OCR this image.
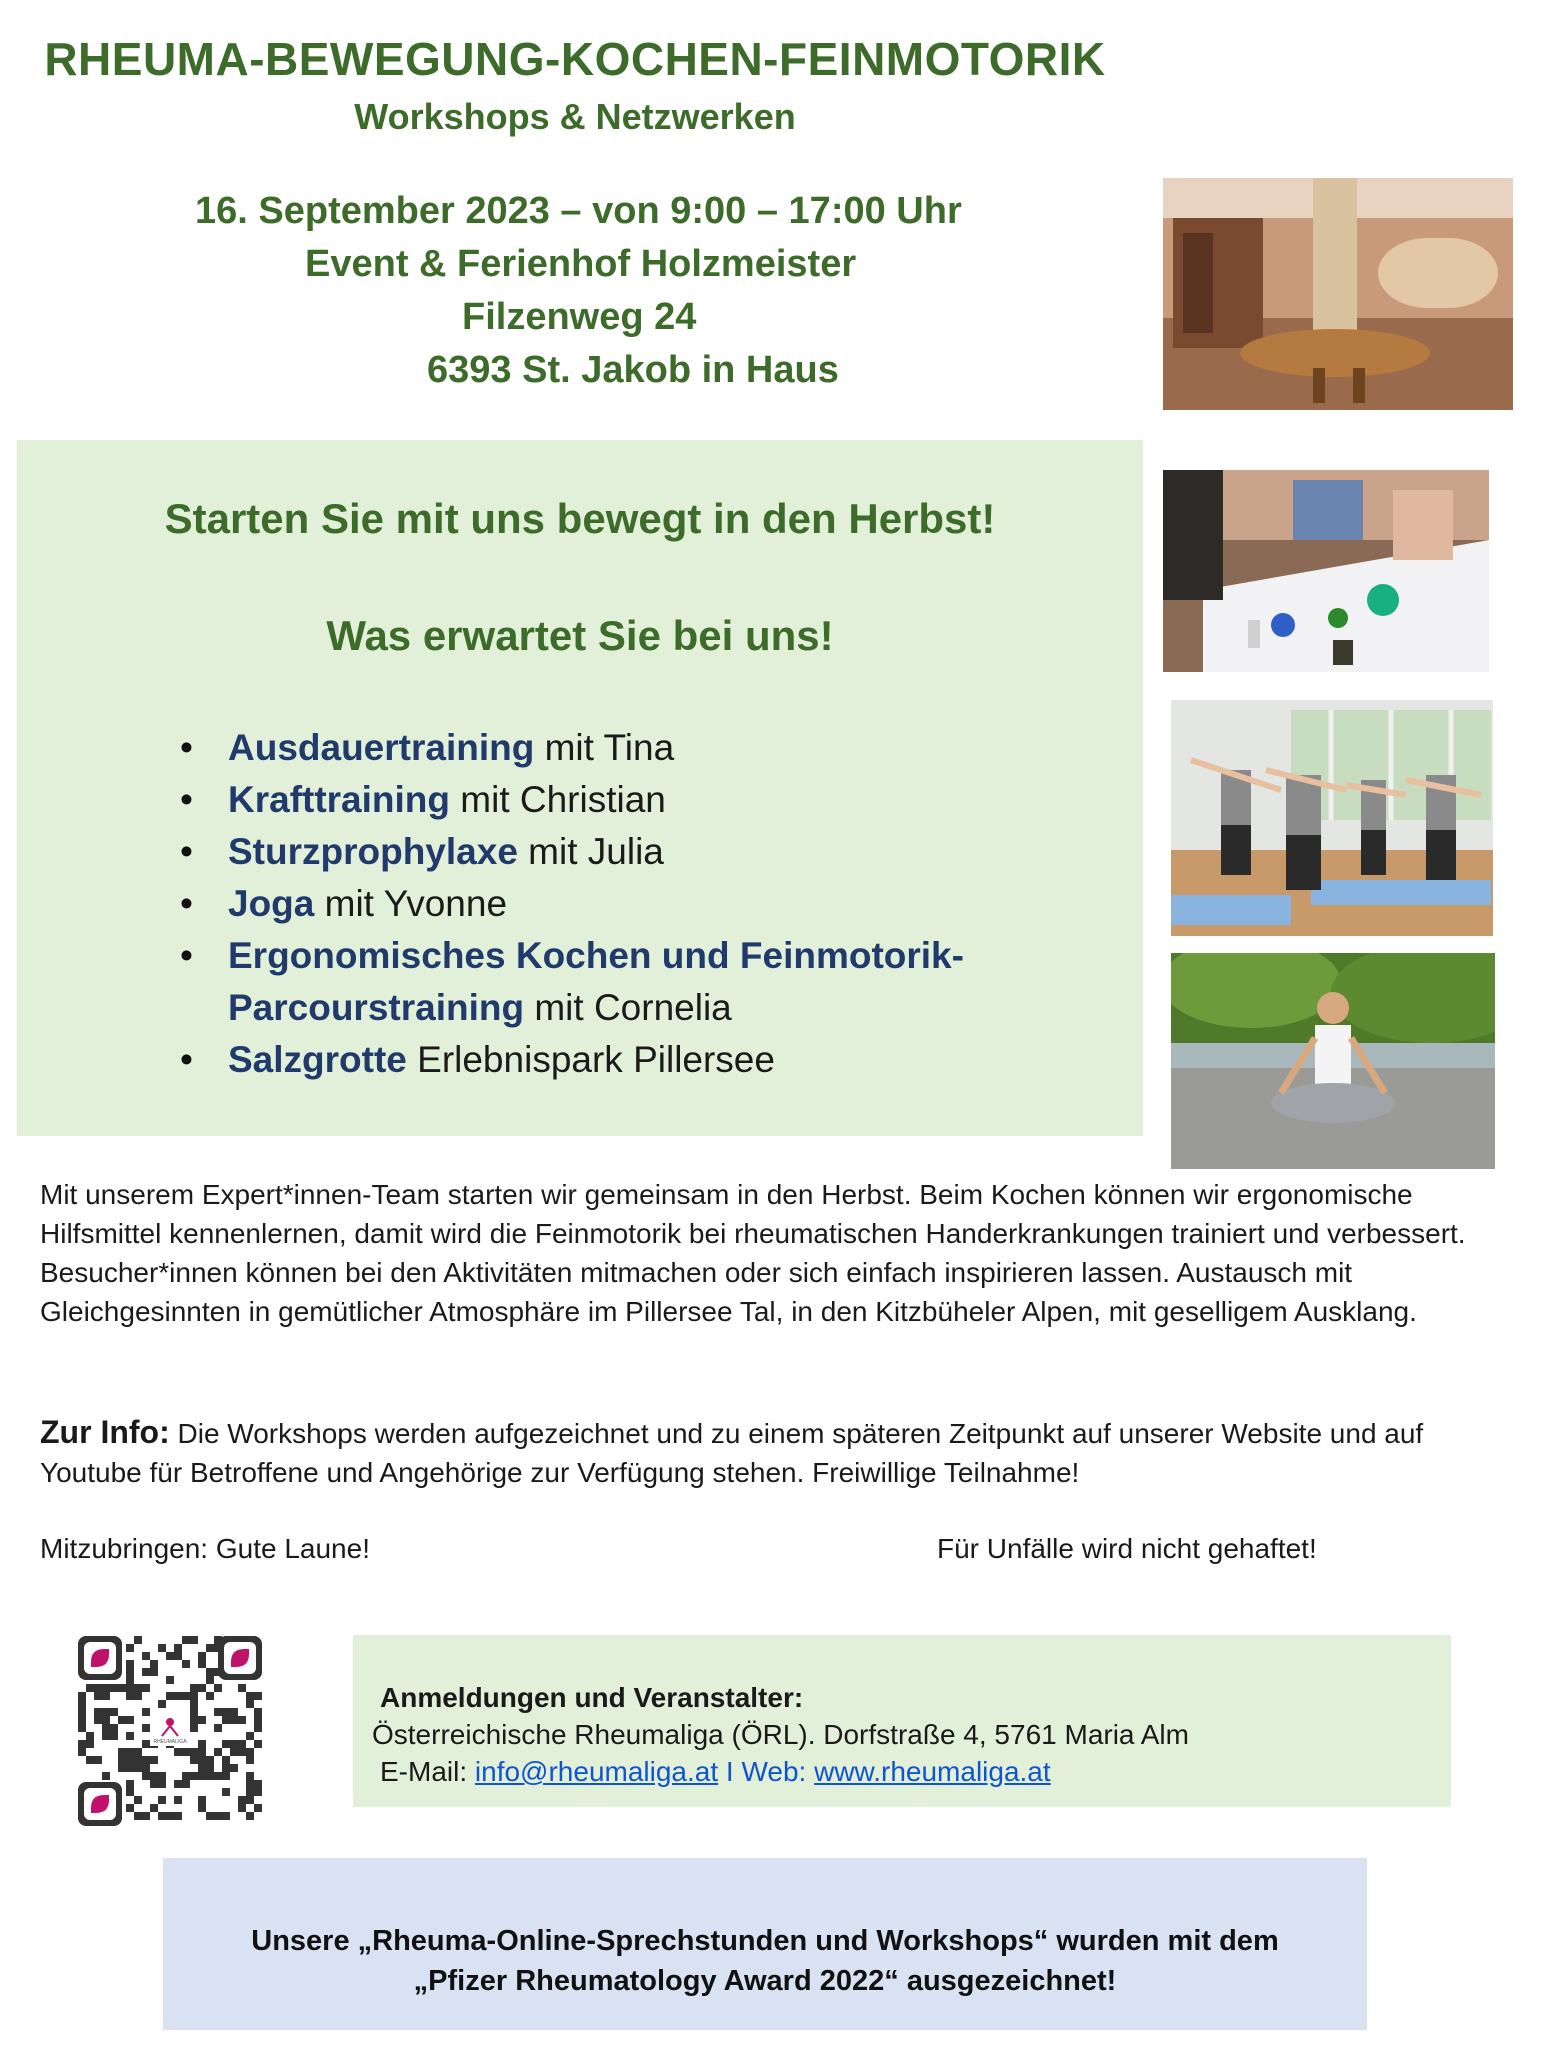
RHEUMA-BEWEGUNG-KOCHEN-FEINMOTORIK
Workshops & Netzwerken
16. September 2023 – von 9:00 – 17:00 Uhr
Event & Ferienhof Holzmeister
Filzenweg 24
6393 St. Jakob in Haus
Starten Sie mit uns bewegt in den Herbst!
Was erwartet Sie bei uns!
• Ausdauertraining mit Tina
• Krafttraining mit Christian
• Sturzprophylaxe mit Julia
• Joga mit Yvonne
• Ergonomisches Kochen und Feinmotorik-Parcourstraining mit Cornelia
• Salzgrotte Erlebnispark Pillersee
Mit unserem Expert*innen-Team starten wir gemeinsam in den Herbst. Beim Kochen können wir ergonomische Hilfsmittel kennenlernen, damit wird die Feinmotorik bei rheumatischen Handerkrankungen trainiert und verbessert. Besucher*innen können bei den Aktivitäten mitmachen oder sich einfach inspirieren lassen. Austausch mit Gleichgesinnten in gemütlicher Atmosphäre im Pillersee Tal, in den Kitzbüheler Alpen, mit geselligem Ausklang.
Zur Info: Die Workshops werden aufgezeichnet und zu einem späteren Zeitpunkt auf unserer Website und auf Youtube für Betroffene und Angehörige zur Verfügung stehen. Freiwillige Teilnahme!
Mitzubringen: Gute Laune!	Für Unfälle wird nicht gehaftet!
RHEUMALIGA
Anmeldungen und Veranstalter:
Österreichische Rheumaliga (ÖRL). Dorfstraße 4, 5761 Maria Alm
E-Mail: info@rheumaliga.at I Web: www.rheumaliga.at
Unsere „Rheuma-Online-Sprechstunden und Workshops“ wurden mit dem
„Pfizer Rheumatology Award 2022“ ausgezeichnet!
